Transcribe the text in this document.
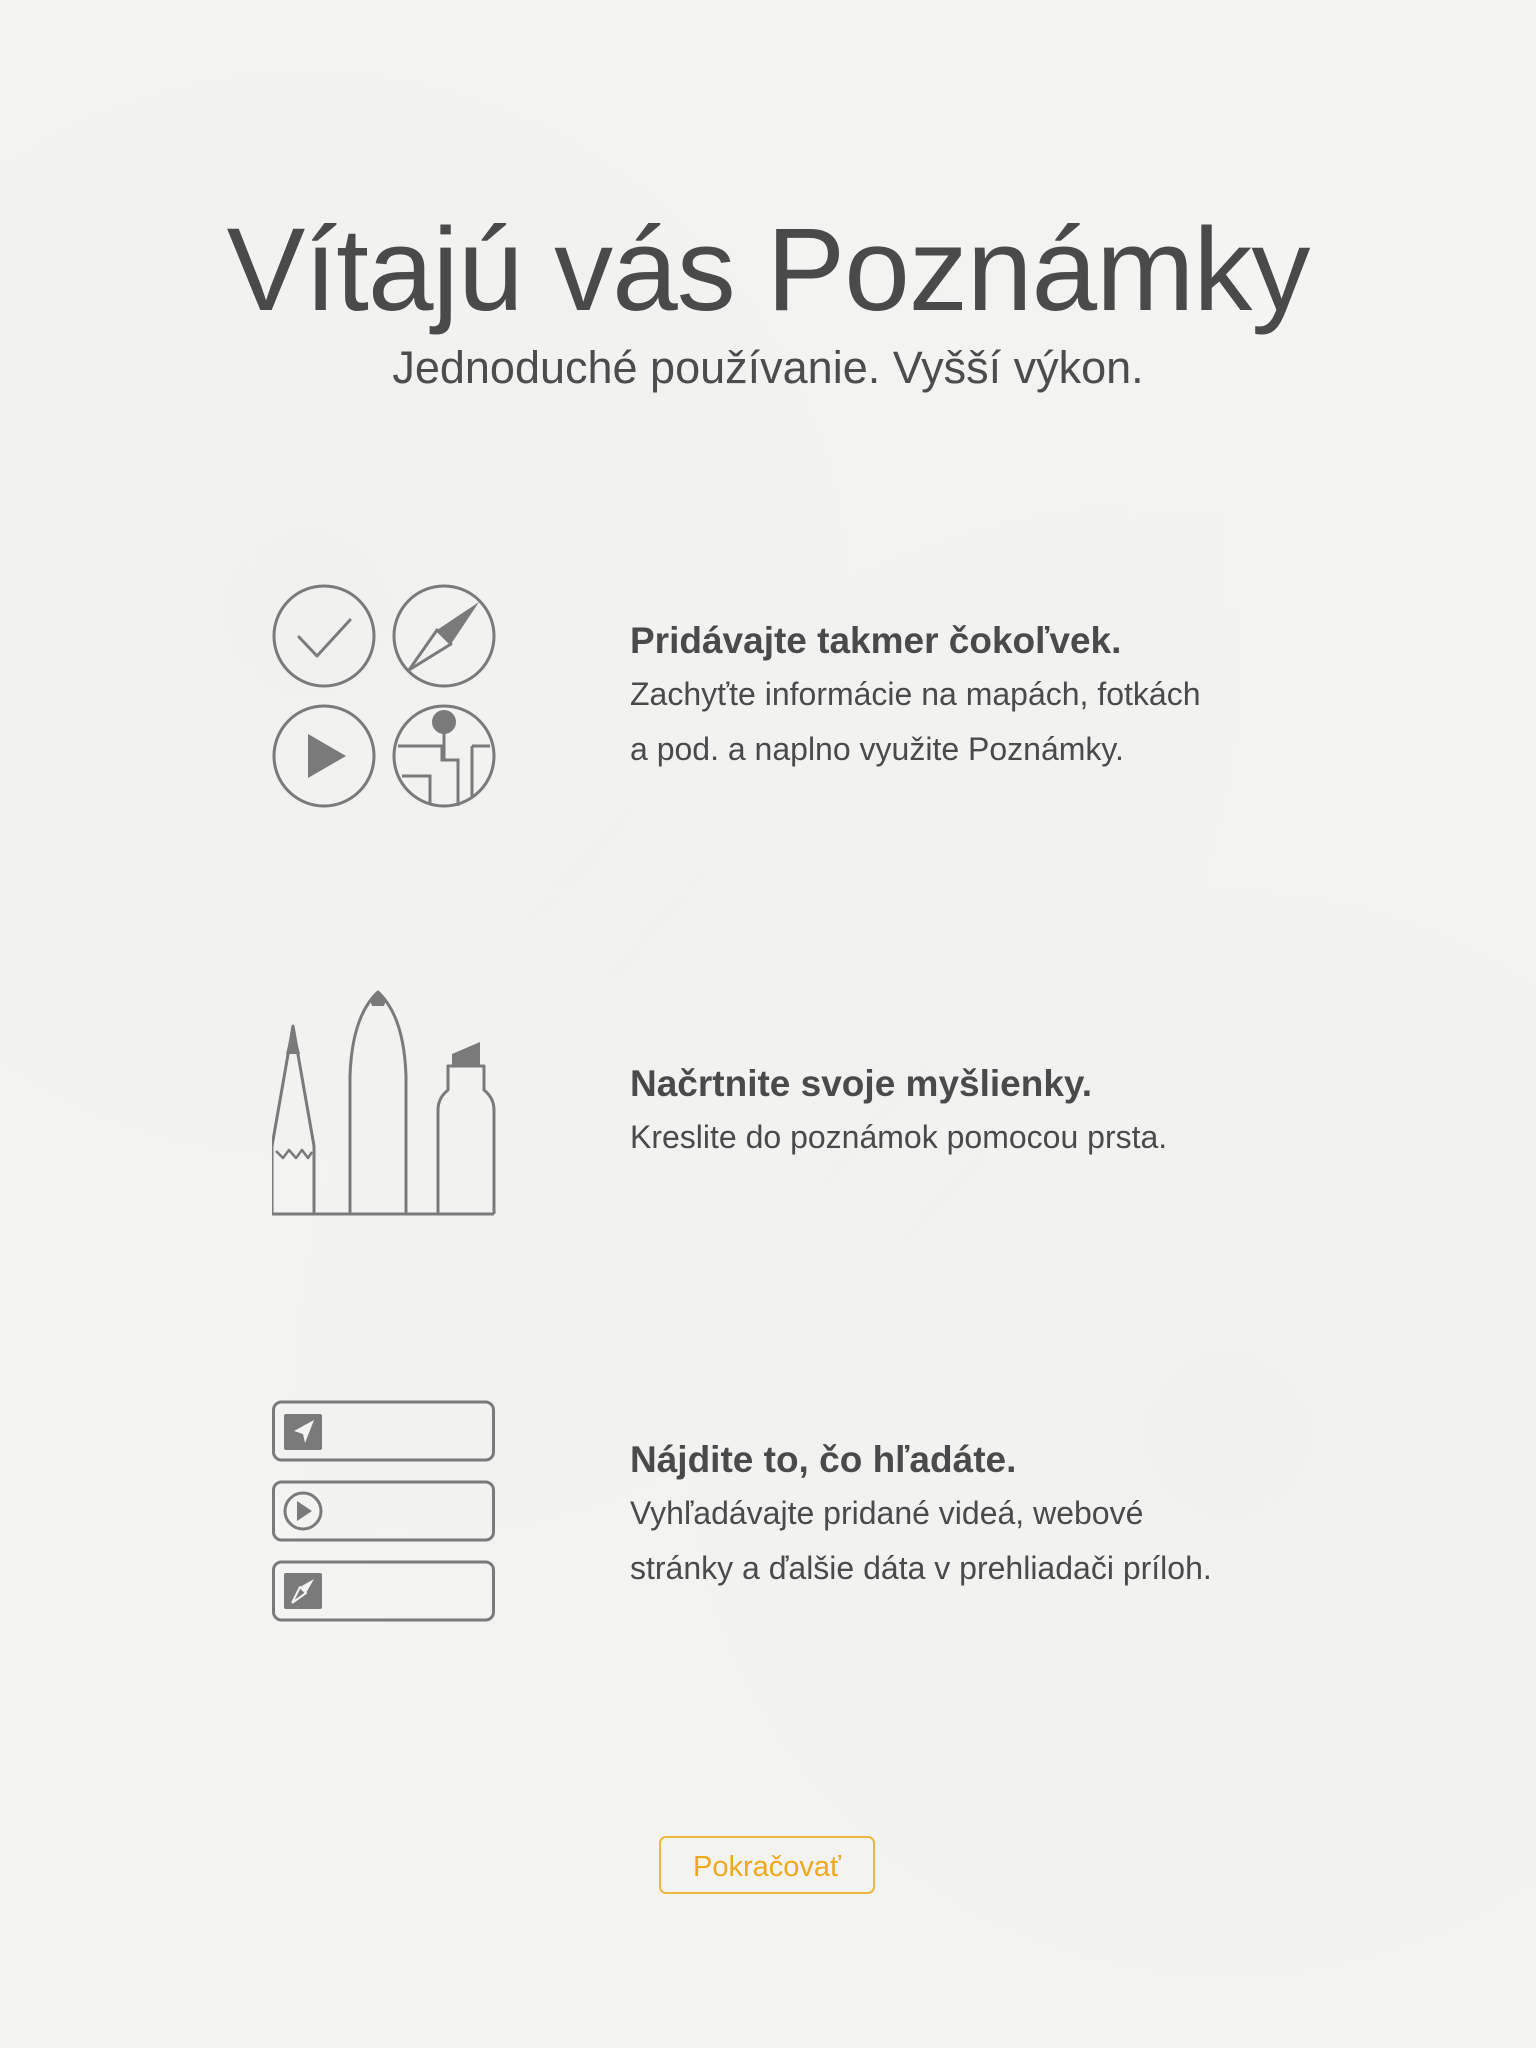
Vítajú vás Poznámky

Jednoduché používanie. Vyšší výkon.

Pridávajte takmer čokoľvek.

Zachyťte informácie na mapách, fotkách

a pod. a naplno využite Poznámky.

Načrtnite svoje myšlienky.

Kreslite do poznámok pomocou prsta.

Nájdite to, čo hľadáte.

Vyhľadávajte pridané videá, webové

stránky a ďalšie dáta v prehliadači príloh.

Pokračovať
